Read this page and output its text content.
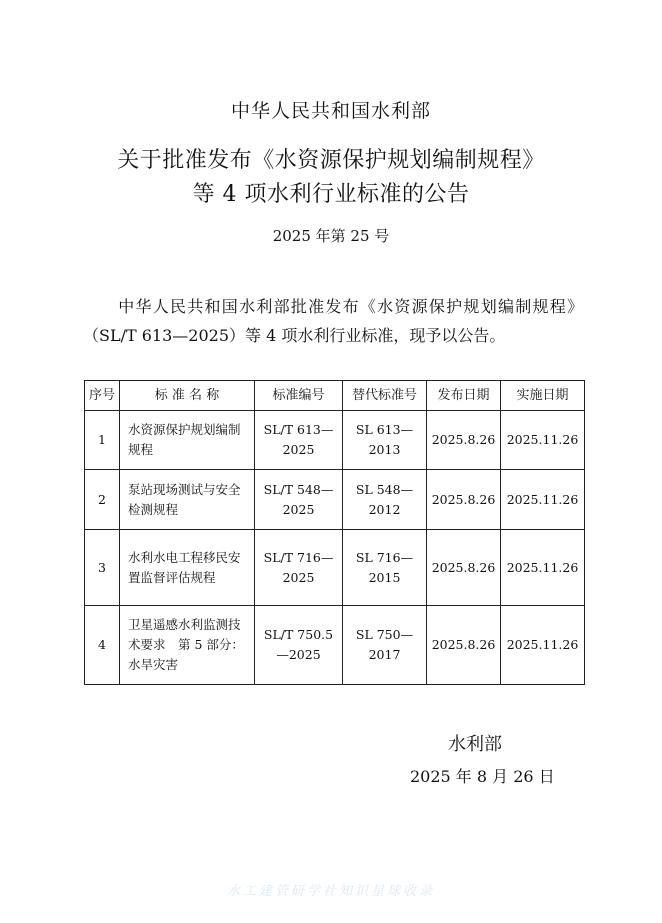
中华人民共和国水利部
关于批准发布《水资源保护规划编制规程》
等 4 项水利行业标准的公告
2025 年第 25 号
中华人民共和国水利部批准发布《水资源保护规划编制规程》（SL/T 613—2025）等 4 项水利行业标准，现予以公告。
序号	标 准 名 称	标准编号	替代标准号	发布日期	实施日期
1	水资源保护规划编制规程	SL/T 613—2025	SL 613—2013	2025.8.26	2025.11.26
2	泵站现场测试与安全检测规程	SL/T 548—2025	SL 548—2012	2025.8.26	2025.11.26
3	水利水电工程移民安置监督评估规程	SL/T 716—2025	SL 716—2015	2025.8.26	2025.11.26
4	卫星遥感水利监测技术要求　第 5 部分：水旱灾害	SL/T 750.5—2025	SL 750—2017	2025.8.26	2025.11.26
水利部
2025 年 8 月 26 日
水工建管研学社知识星球收录
